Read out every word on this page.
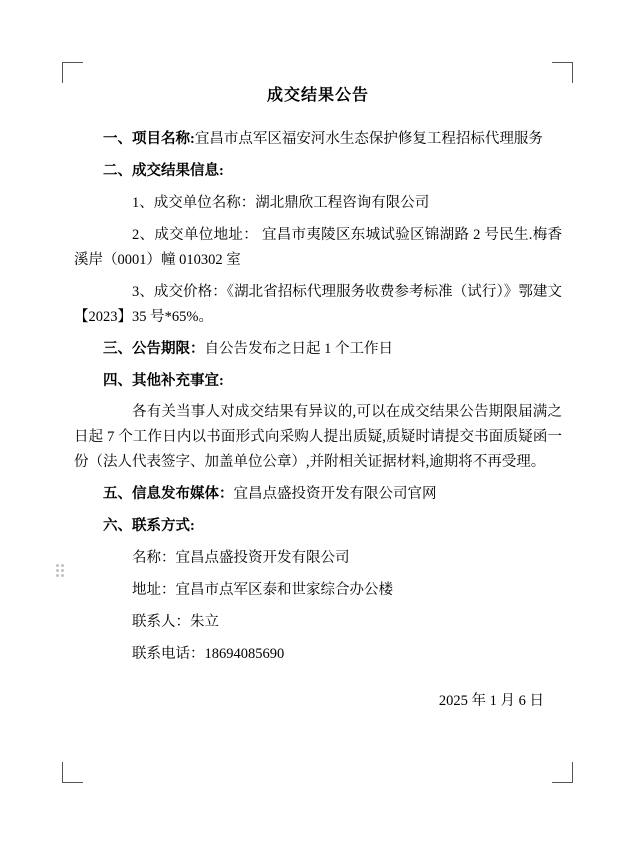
成交结果公告

一、项目名称:宜昌市点军区福安河水生态保护修复工程招标代理服务

二、成交结果信息:

1、成交单位名称：湖北鼎欣工程咨询有限公司

2、成交单位地址： 宜昌市夷陵区东城试验区锦湖路 2 号民生.梅香溪岸（0001）幢 010302 室

3、成交价格：《湖北省招标代理服务收费参考标准（试行）》鄂建文【2023】35 号*65%。

三、公告期限：自公告发布之日起 1 个工作日

四、其他补充事宜:

各有关当事人对成交结果有异议的,可以在成交结果公告期限届满之日起 7 个工作日内以书面形式向采购人提出质疑,质疑时请提交书面质疑函一份（法人代表签字、加盖单位公章）,并附相关证据材料,逾期将不再受理。

五、信息发布媒体：宜昌点盛投资开发有限公司官网

六、联系方式:

名称：宜昌点盛投资开发有限公司

地址：宜昌市点军区泰和世家综合办公楼

联系人：朱立

联系电话：18694085690

2025 年 1 月 6 日
